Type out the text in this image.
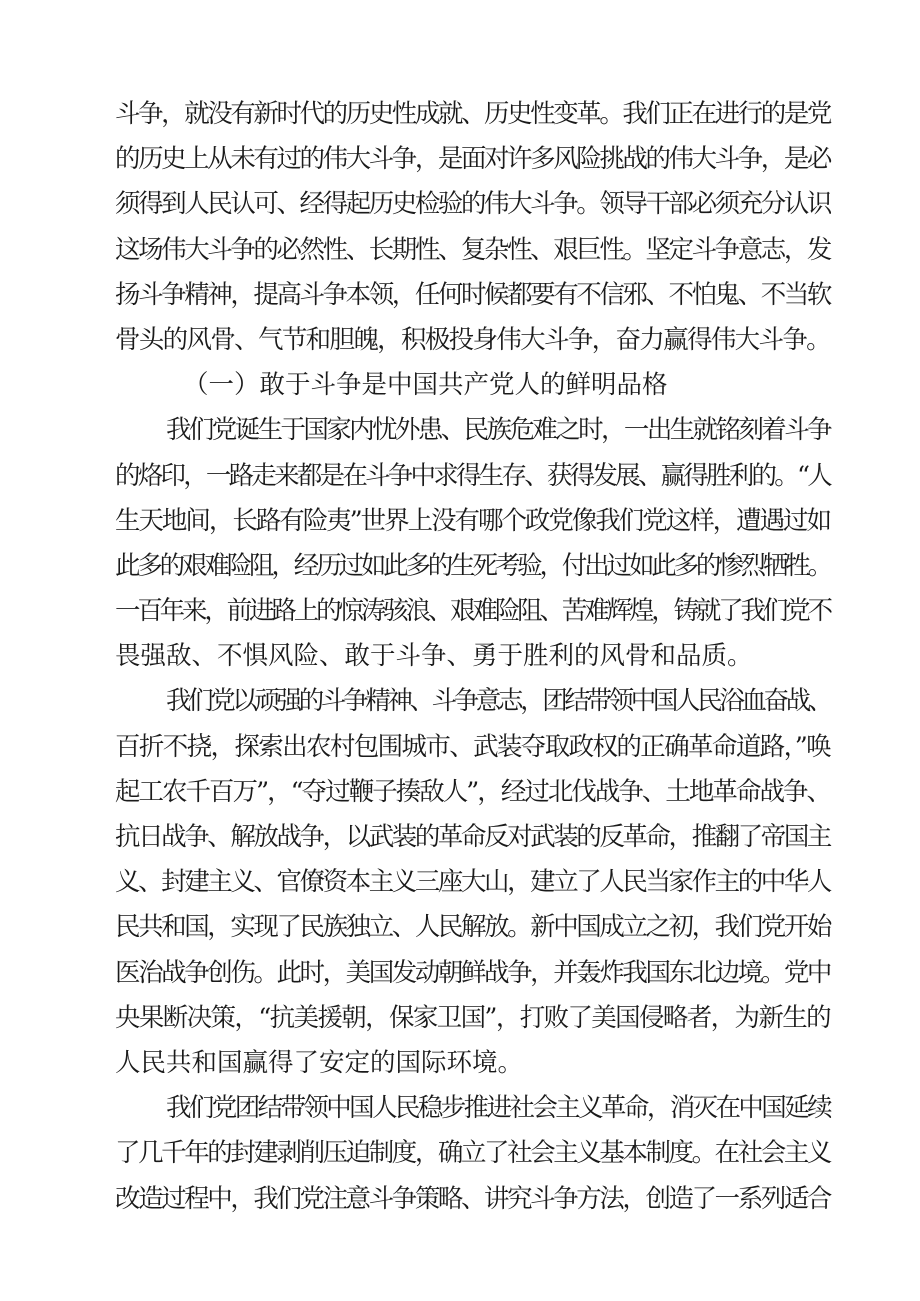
斗争，就没有新时代的历史性成就、历史性变革。我们正在进行的是党
的历史上从未有过的伟大斗争，是面对许多风险挑战的伟大斗争，是必
须得到人民认可、经得起历史检验的伟大斗争。领导干部必须充分认识
这场伟大斗争的必然性、长期性、复杂性、艰巨性。坚定斗争意志，发
扬斗争精神，提高斗争本领，任何时候都要有不信邪、不怕鬼、不当软
骨头的风骨、气节和胆魄，积极投身伟大斗争，奋力赢得伟大斗争。
（一）敢于斗争是中国共产党人的鲜明品格
我们党诞生于国家内忧外患、民族危难之时，一出生就铭刻着斗争
的烙印，一路走来都是在斗争中求得生存、获得发展、赢得胜利的。“人
生天地间，长路有险夷”世界上没有哪个政党像我们党这样，遭遇过如
此多的艰难险阻，经历过如此多的生死考验，付出过如此多的惨烈牺牲。
一百年来，前进路上的惊涛骇浪、艰难险阻、苦难辉煌，铸就了我们党不
畏强敌、不惧风险、敢于斗争、勇于胜利的风骨和品质。
我们党以顽强的斗争精神、斗争意志，团结带领中国人民浴血奋战、
百折不挠，探索出农村包围城市、武装夺取政权的正确革命道路，”唤
起工农千百万”，“夺过鞭子揍敌人”，经过北伐战争、土地革命战争、
抗日战争、解放战争，以武装的革命反对武装的反革命，推翻了帝国主
义、封建主义、官僚资本主义三座大山，建立了人民当家作主的中华人
民共和国，实现了民族独立、人民解放。新中国成立之初，我们党开始
医治战争创伤。此时，美国发动朝鲜战争，并轰炸我国东北边境。党中
央果断决策，“抗美援朝，保家卫国”，打败了美国侵略者，为新生的
人民共和国赢得了安定的国际环境。
我们党团结带领中国人民稳步推进社会主义革命，消灭在中国延续
了几千年的封建剥削压迫制度，确立了社会主义基本制度。在社会主义
改造过程中，我们党注意斗争策略、讲究斗争方法，创造了一系列适合
